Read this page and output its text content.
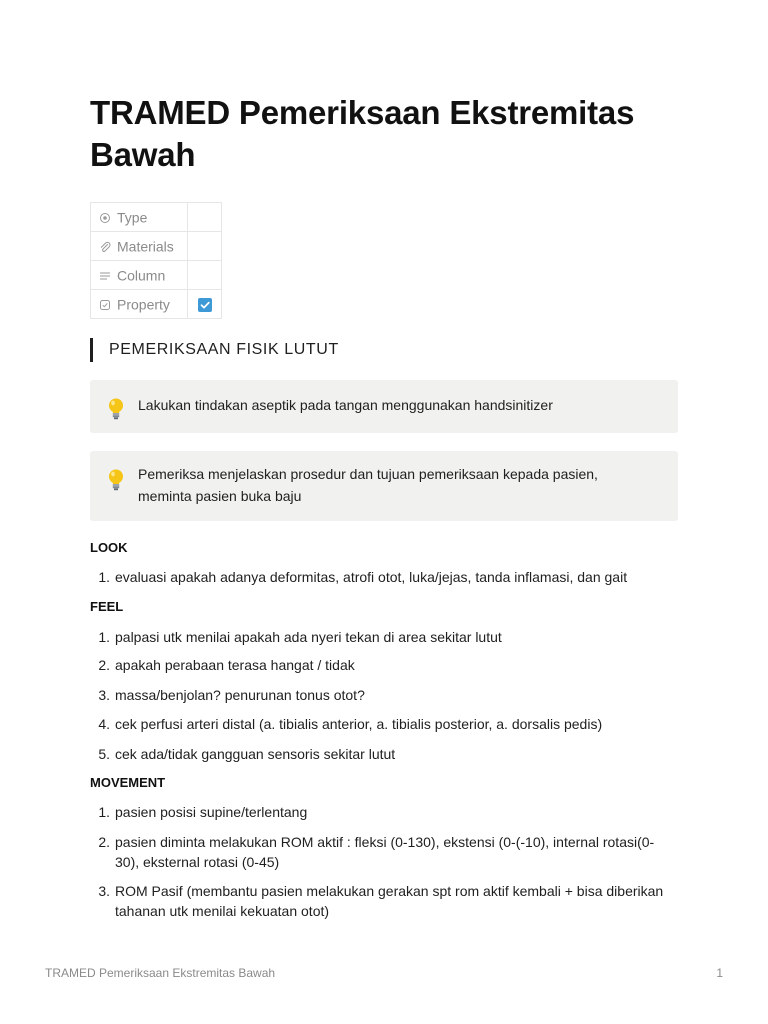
TRAMED Pemeriksaan Ekstremitas Bawah
Type	

Materials	

Column	

Property	
PEMERIKSAAN FISIK LUTUT
Lakukan tindakan aseptik pada tangan menggunakan handsinitizer
Pemeriksa menjelaskan prosedur dan tujuan pemeriksaan kepada pasien, meminta pasien buka baju
LOOK
1. evaluasi apakah adanya deformitas, atrofi otot, luka/jejas, tanda inflamasi, dan gait
FEEL
1. palpasi utk menilai apakah ada nyeri tekan di area sekitar lutut
2. apakah perabaan terasa hangat / tidak
3. massa/benjolan? penurunan tonus otot?
4. cek perfusi arteri distal (a. tibialis anterior, a. tibialis posterior, a. dorsalis pedis)
5. cek ada/tidak gangguan sensoris sekitar lutut
MOVEMENT
1. pasien posisi supine/terlentang
2. pasien diminta melakukan ROM aktif : fleksi (0-130), ekstensi (0-(-10), internal rotasi(0-30), eksternal rotasi (0-45)
3. ROM Pasif (membantu pasien melakukan gerakan spt rom aktif kembali + bisa diberikan tahanan utk menilai kekuatan otot)
TRAMED Pemeriksaan Ekstremitas Bawah	1
